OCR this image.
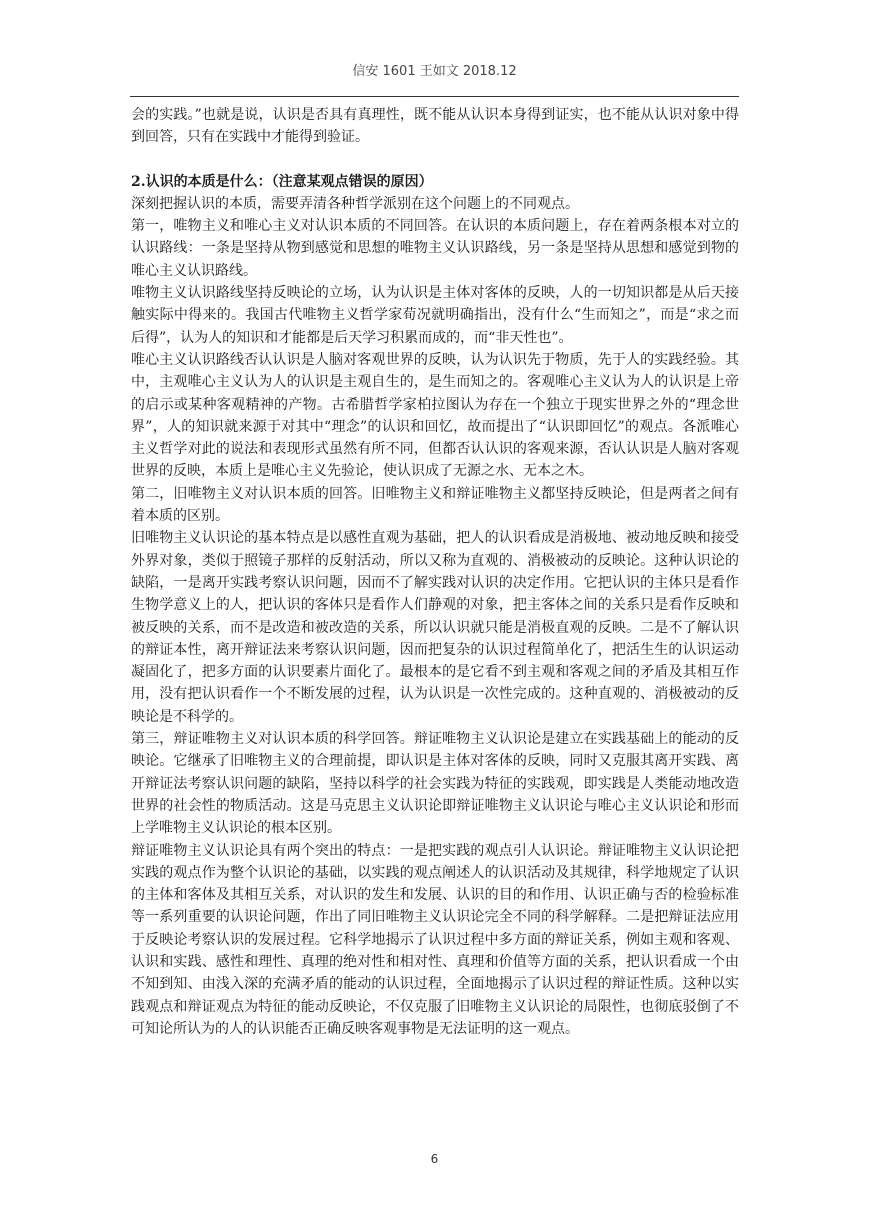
信安 1601 王如文 2018.12

会的实践。”也就是说，认识是否具有真理性，既不能从认识本身得到证实，也不能从认识对象中得到回答，只有在实践中才能得到验证。

2.认识的本质是什么：（注意某观点错误的原因）

深刻把握认识的本质，需要弄清各种哲学派别在这个问题上的不同观点。

第一，唯物主义和唯心主义对认识本质的不同回答。在认识的本质问题上，存在着两条根本对立的认识路线：一条是坚持从物到感觉和思想的唯物主义认识路线，另一条是坚持从思想和感觉到物的唯心主义认识路线。

唯物主义认识路线坚持反映论的立场，认为认识是主体对客体的反映，人的一切知识都是从后天接触实际中得来的。我国古代唯物主义哲学家荀况就明确指出，没有什么“生而知之”，而是“求之而后得”，认为人的知识和才能都是后天学习积累而成的，而“非天性也”。

唯心主义认识路线否认认识是人脑对客观世界的反映，认为认识先于物质，先于人的实践经验。其中，主观唯心主义认为人的认识是主观自生的，是生而知之的。客观唯心主义认为人的认识是上帝的启示或某种客观精神的产物。古希腊哲学家柏拉图认为存在一个独立于现实世界之外的“理念世界”，人的知识就来源于对其中“理念”的认识和回忆，故而提出了“认识即回忆”的观点。各派唯心主义哲学对此的说法和表现形式虽然有所不同，但都否认认识的客观来源，否认认识是人脑对客观世界的反映，本质上是唯心主义先验论，使认识成了无源之水、无本之木。

第二，旧唯物主义对认识本质的回答。旧唯物主义和辩证唯物主义都坚持反映论，但是两者之间有着本质的区别。

旧唯物主义认识论的基本特点是以感性直观为基础，把人的认识看成是消极地、被动地反映和接受外界对象，类似于照镜子那样的反射活动，所以又称为直观的、消极被动的反映论。这种认识论的缺陷，一是离开实践考察认识问题，因而不了解实践对认识的决定作用。它把认识的主体只是看作生物学意义上的人，把认识的客体只是看作人们静观的对象，把主客体之间的关系只是看作反映和被反映的关系，而不是改造和被改造的关系，所以认识就只能是消极直观的反映。二是不了解认识的辩证本性，离开辩证法来考察认识问题，因而把复杂的认识过程简单化了，把活生生的认识运动凝固化了，把多方面的认识要素片面化了。最根本的是它看不到主观和客观之间的矛盾及其相互作用，没有把认识看作一个不断发展的过程，认为认识是一次性完成的。这种直观的、消极被动的反映论是不科学的。

第三，辩证唯物主义对认识本质的科学回答。辩证唯物主义认识论是建立在实践基础上的能动的反映论。它继承了旧唯物主义的合理前提，即认识是主体对客体的反映，同时又克服其离开实践、离开辩证法考察认识问题的缺陷，坚持以科学的社会实践为特征的实践观，即实践是人类能动地改造世界的社会性的物质活动。这是马克思主义认识论即辩证唯物主义认识论与唯心主义认识论和形而上学唯物主义认识论的根本区别。

辩证唯物主义认识论具有两个突出的特点：一是把实践的观点引人认识论。辩证唯物主义认识论把实践的观点作为整个认识论的基础，以实践的观点阐述人的认识活动及其规律，科学地规定了认识的主体和客体及其相互关系，对认识的发生和发展、认识的目的和作用、认识正确与否的检验标准等一系列重要的认识论问题，作出了同旧唯物主义认识论完全不同的科学解释。二是把辩证法应用于反映论考察认识的发展过程。它科学地揭示了认识过程中多方面的辩证关系，例如主观和客观、认识和实践、感性和理性、真理的绝对性和相对性、真理和价值等方面的关系，把认识看成一个由不知到知、由浅入深的充满矛盾的能动的认识过程，全面地揭示了认识过程的辩证性质。这种以实践观点和辩证观点为特征的能动反映论，不仅克服了旧唯物主义认识论的局限性，也彻底驳倒了不可知论所认为的人的认识能否正确反映客观事物是无法证明的这一观点。

6
